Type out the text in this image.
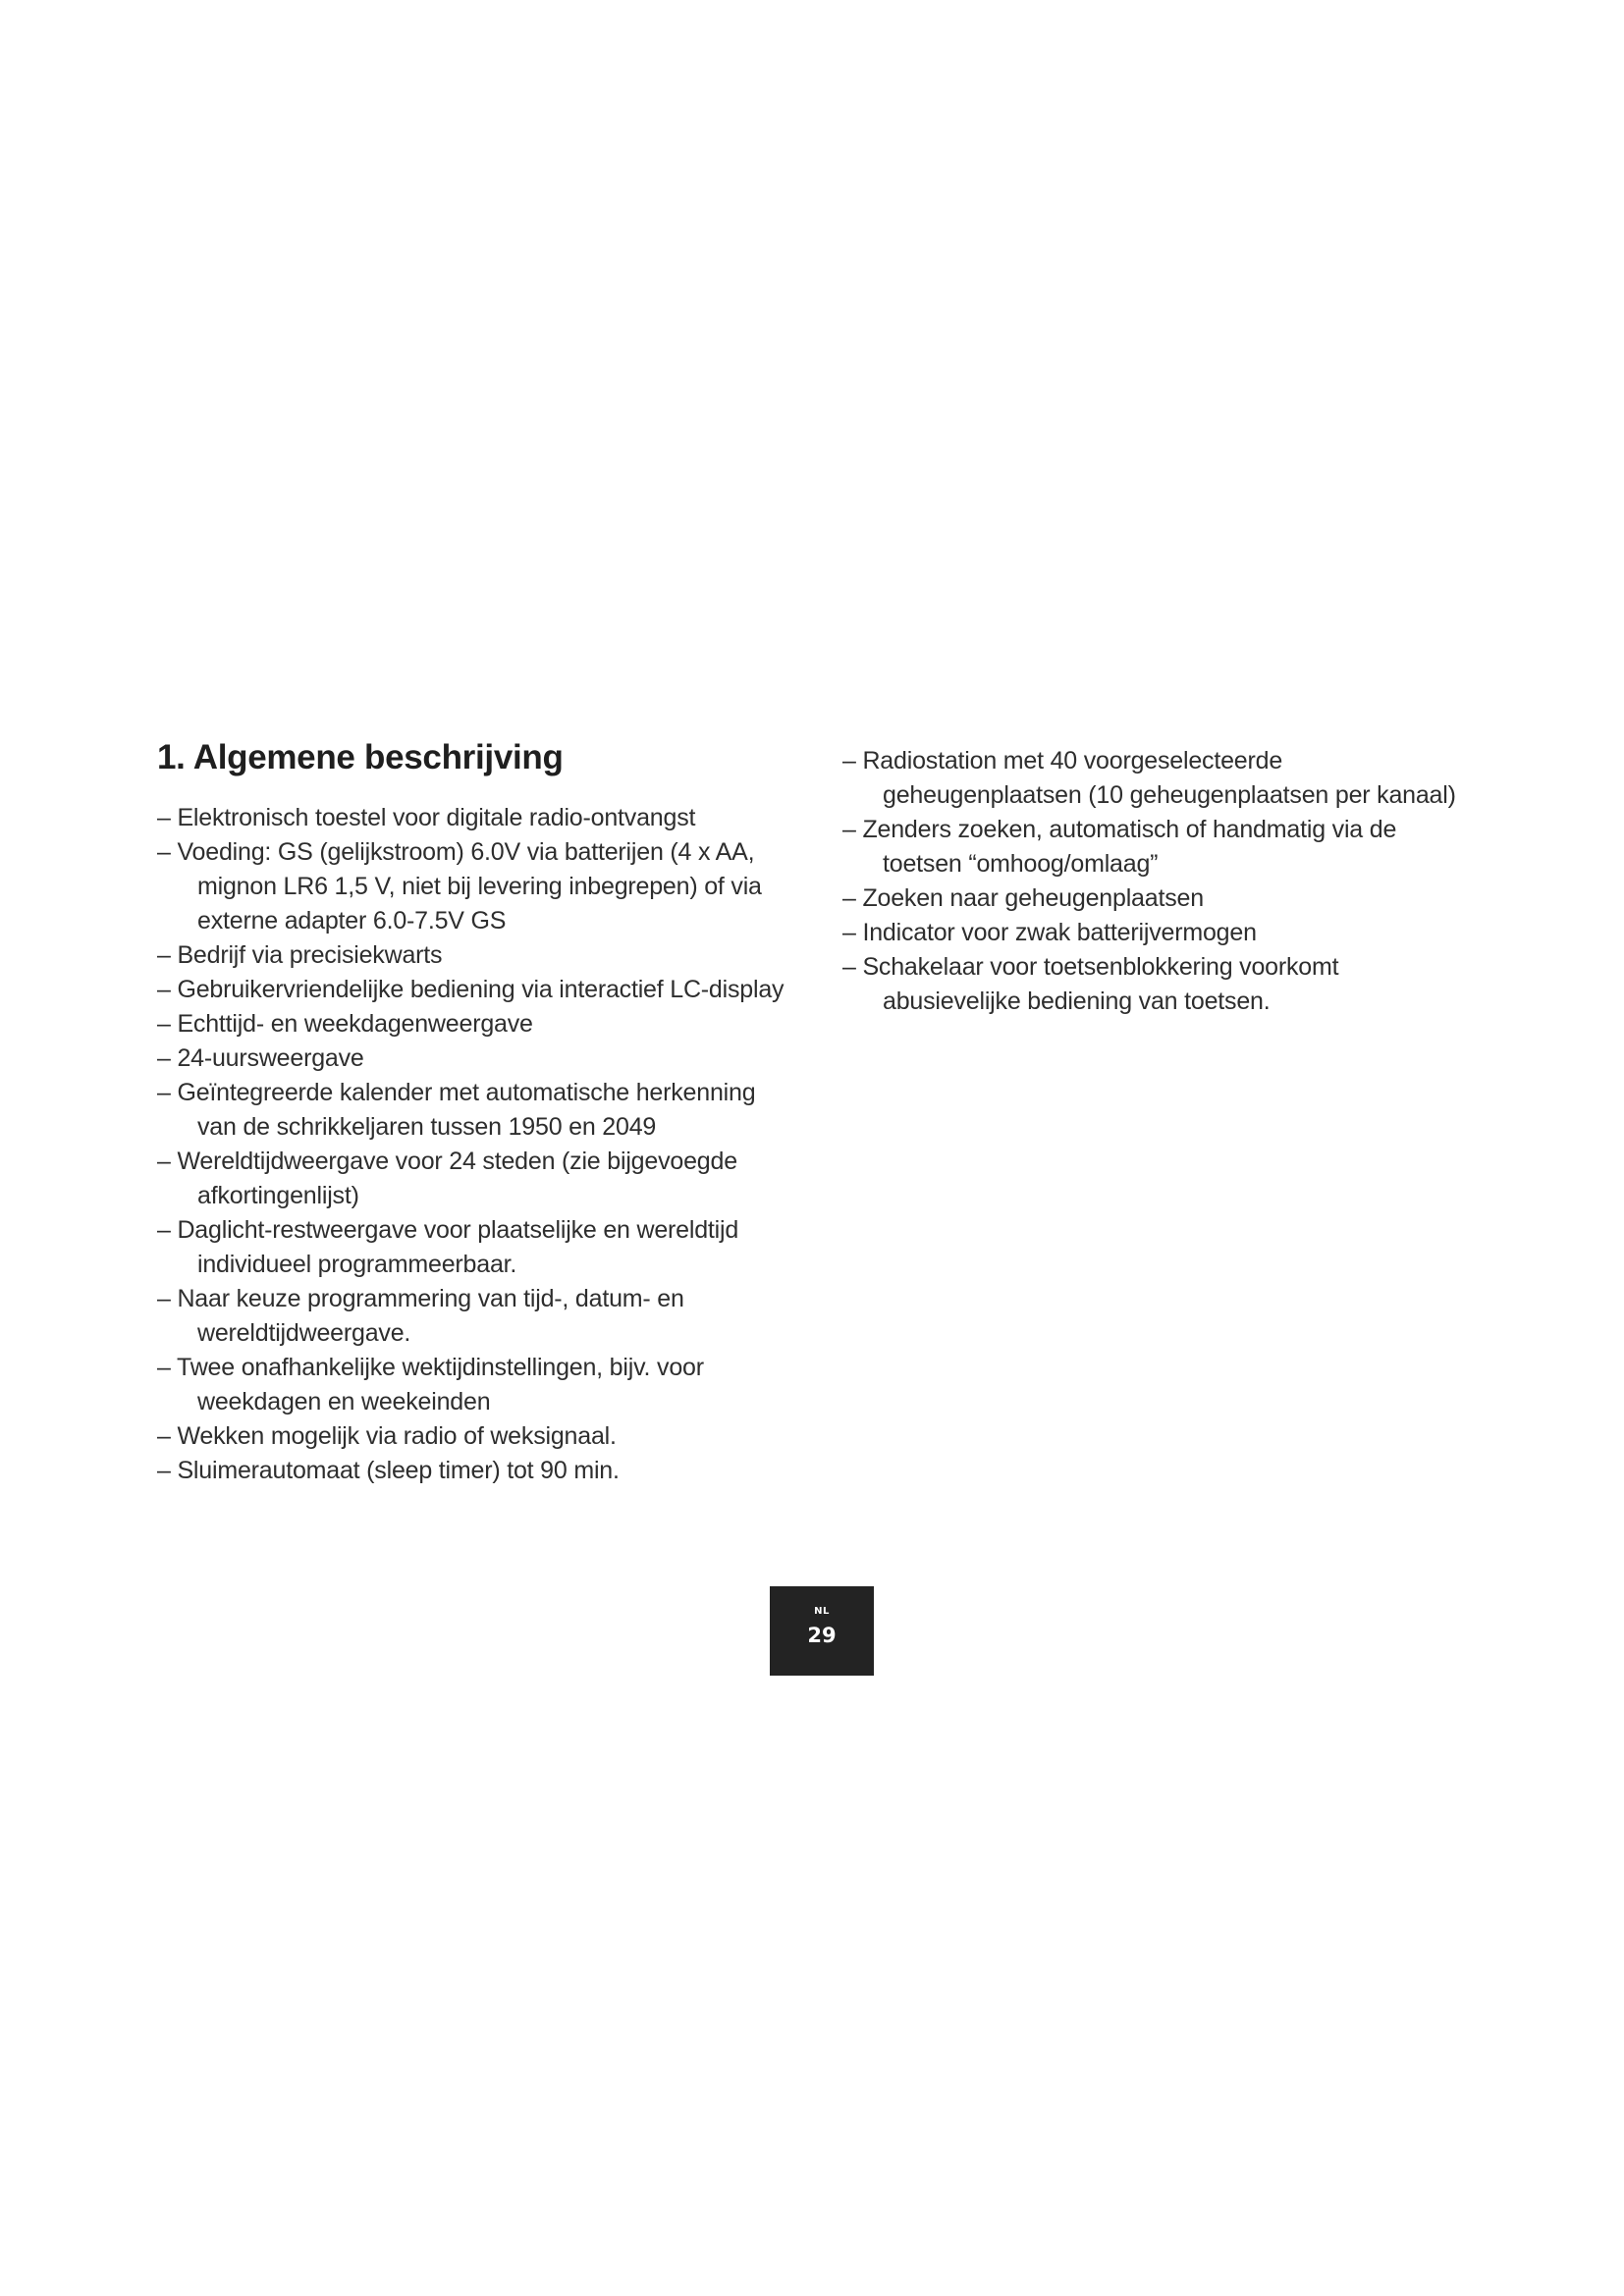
1. Algemene beschrijving
– Elektronisch toestel voor digitale radio-ontvangst
– Voeding: GS (gelijkstroom) 6.0V via batterijen (4 x AA,
mignon LR6 1,5 V, niet bij levering inbegrepen) of via
externe adapter 6.0-7.5V GS
– Bedrijf via precisiekwarts
– Gebruikervriendelijke bediening via interactief LC-display
– Echttijd- en weekdagenweergave
– 24-uursweergave
– Geïntegreerde kalender met automatische herkenning
van de schrikkeljaren tussen 1950 en 2049
– Wereldtijdweergave voor 24 steden (zie bijgevoegde
afkortingenlijst)
– Daglicht-restweergave voor plaatselijke en wereldtijd
individueel programmeerbaar.
– Naar keuze programmering van tijd-, datum- en
wereldtijdweergave.
– Twee onafhankelijke wektijdinstellingen, bijv. voor
weekdagen en weekeinden
– Wekken mogelijk via radio of weksignaal.
– Sluimerautomaat (sleep timer) tot 90 min.
– Radiostation met 40 voorgeselecteerde
geheugenplaatsen (10 geheugenplaatsen per kanaal)
– Zenders zoeken, automatisch of handmatig via de
toetsen “omhoog/omlaag”
– Zoeken naar geheugenplaatsen
– Indicator voor zwak batterijvermogen
– Schakelaar voor toetsenblokkering voorkomt
abusievelijke bediening van toetsen.
NL
29
